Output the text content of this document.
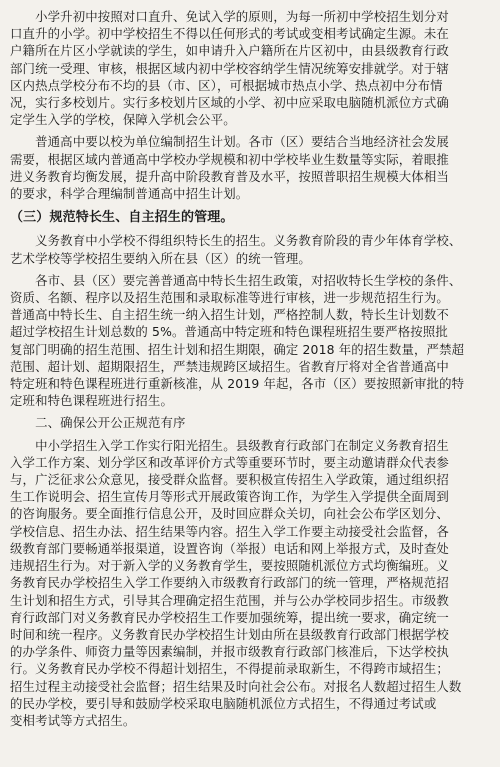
　　小学升初中按照对口直升、免试入学的原则，为每一所初中学校招生划分对
口直升的小学。初中学校招生不得以任何形式的考试或变相考试确定生源。未在
户籍所在片区小学就读的学生，如申请升入户籍所在片区初中，由县级教育行政
部门统一受理、审核，根据区域内初中学校容纳学生情况统筹安排就学。对于辖
区内热点学校分布不均的县（市、区），可根据城市热点小学、热点初中分布情
况，实行多校划片。实行多校划片区域的小学、初中应采取电脑随机派位方式确
定学生入学的学校，保障入学机会公平。
　　普通高中要以校为单位编制招生计划。各市（区）要结合当地经济社会发展
需要，根据区域内普通高中学校办学规模和初中学校毕业生数量等实际，着眼推
进义务教育均衡发展，提升高中阶段教育普及水平，按照普职招生规模大体相当
的要求，科学合理编制普通高中招生计划。
（三）规范特长生、自主招生的管理。
　　义务教育中小学校不得组织特长生的招生。义务教育阶段的青少年体育学校、
艺术学校等学校招生要纳入所在县（区）的统一管理。
　　各市、县（区）要完善普通高中特长生招生政策，对招收特长生学校的条件、
资质、名额、程序以及招生范围和录取标准等进行审核，进一步规范招生行为。
普通高中特长生、自主招生统一纳入招生计划，严格控制人数，特长生计划数不
超过学校招生计划总数的 5%。普通高中特定班和特色课程班招生要严格按照批
复部门明确的招生范围、招生计划和招生期限，确定 2018 年的招生数量，严禁超
范围、超计划、超期限招生，严禁违规跨区域招生。省教育厅将对全省普通高中
特定班和特色课程班进行重新核准，从 2019 年起，各市（区）要按照新审批的特
定班和特色课程班进行招生。
　　二、确保公开公正规范有序
　　中小学招生入学工作实行阳光招生。县级教育行政部门在制定义务教育招生
入学工作方案、划分学区和改革评价方式等重要环节时，要主动邀请群众代表参
与，广泛征求公众意见，接受群众监督。要积极宣传招生入学政策，通过组织招
生工作说明会、招生宣传月等形式开展政策咨询工作，为学生入学提供全面周到
的咨询服务。要全面推行信息公开，及时回应群众关切，向社会公布学区划分、
学校信息、招生办法、招生结果等内容。招生入学工作要主动接受社会监督，各
级教育部门要畅通举报渠道，设置咨询（举报）电话和网上举报方式，及时查处
违规招生行为。对于新入学的义务教育学生，要按照随机派位方式均衡编班。义
务教育民办学校招生入学工作要纳入市级教育行政部门的统一管理，严格规范招
生计划和招生方式，引导其合理确定招生范围，并与公办学校同步招生。市级教
育行政部门对义务教育民办学校招生工作要加强统筹，提出统一要求，确定统一
时间和统一程序。义务教育民办学校招生计划由所在县级教育行政部门根据学校
的办学条件、师资力量等因素编制，并报市级教育行政部门核准后，下达学校执
行。义务教育民办学校不得超计划招生，不得提前录取新生，不得跨市域招生；
招生过程主动接受社会监督；招生结果及时向社会公布。对报名人数超过招生人数
的民办学校，要引导和鼓励学校采取电脑随机派位方式招生，不得通过考试或
变相考试等方式招生。
